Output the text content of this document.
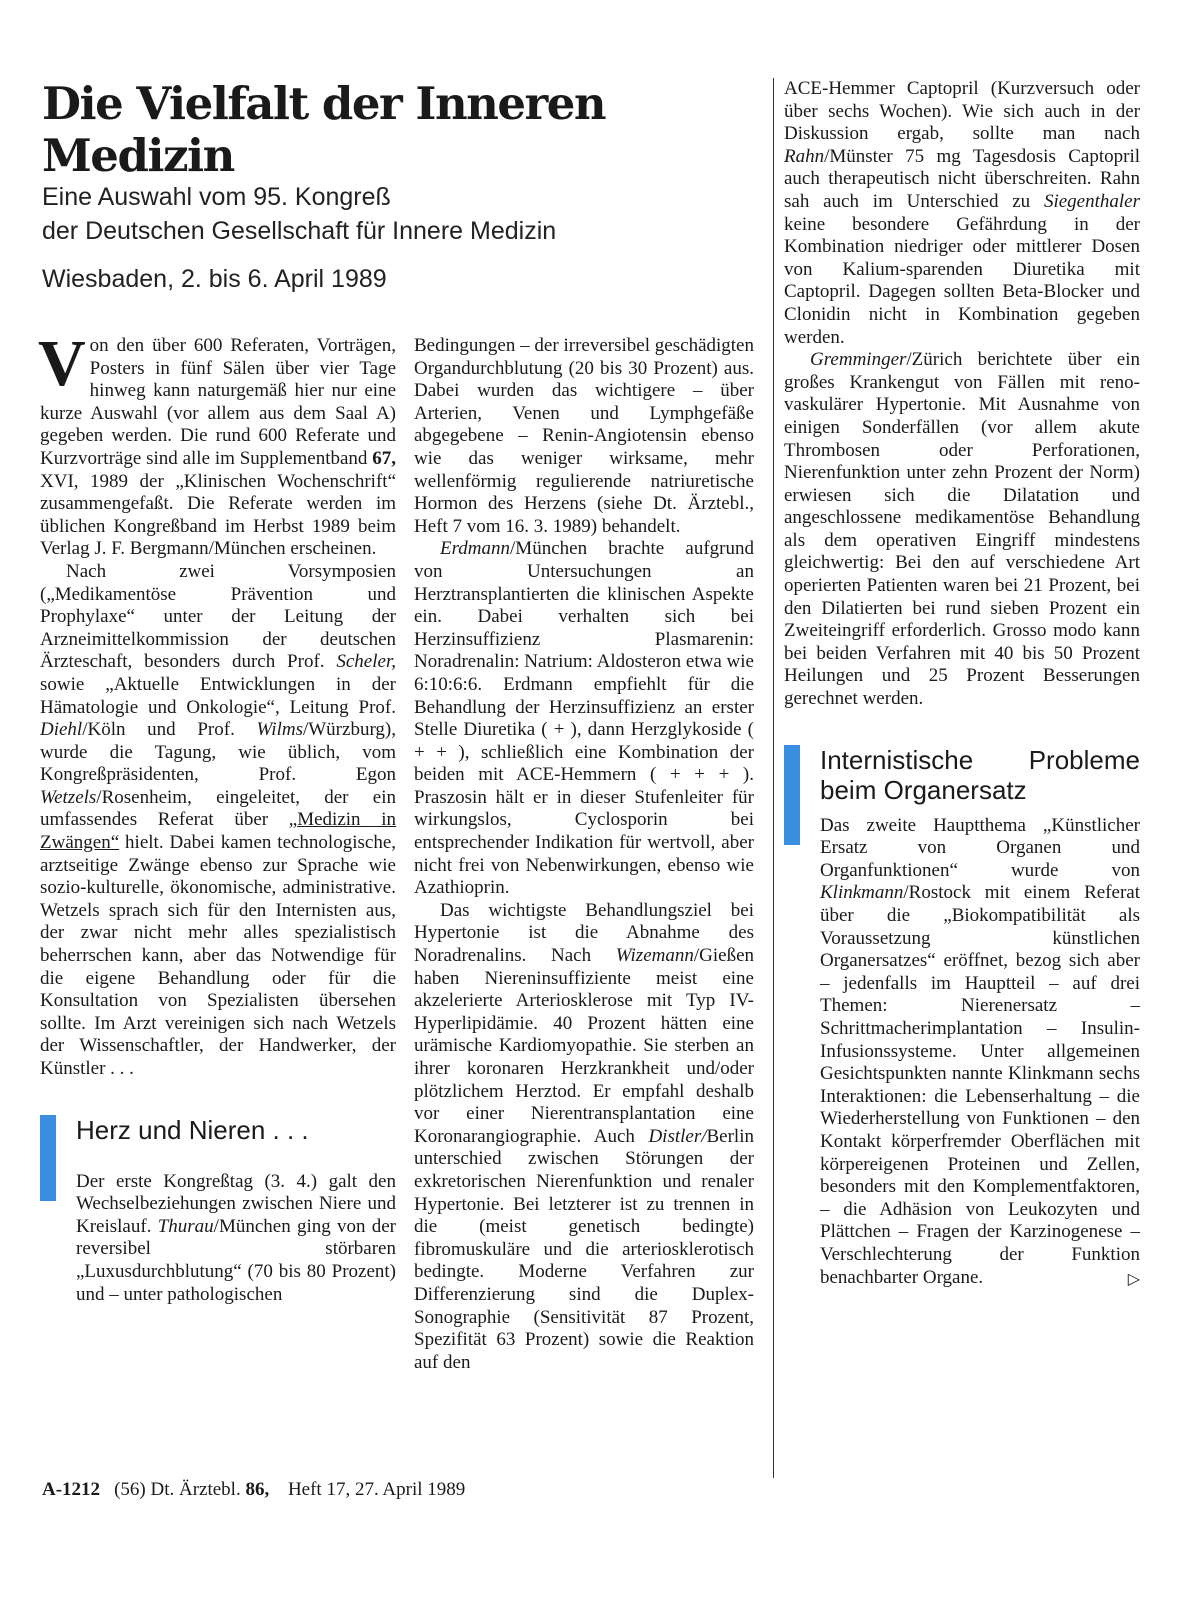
Die Vielfalt der Inneren Medizin
Eine Auswahl vom 95. Kongreß
der Deutschen Gesellschaft für Innere Medizin
Wiesbaden, 2. bis 6. April 1989

Von den über 600 Referaten, Vorträgen, Posters in fünf Sälen über vier Tage hinweg kann naturgemäß hier nur eine kurze Auswahl (vor allem aus dem Saal A) gegeben werden. Die rund 600 Referate und Kurzvorträge sind alle im Supplementband 67, XVI, 1989 der „Klinischen Wochenschrift“ zusammengefaßt. Die Referate werden im üblichen Kongreßband im Herbst 1989 beim Verlag J. F. Bergmann/München erscheinen.

Nach zwei Vorsymposien („Medikamentöse Prävention und Prophylaxe“ unter der Leitung der Arzneimittelkommission der deutschen Ärzteschaft, besonders durch Prof. Scheler, sowie „Aktuelle Entwicklungen in der Hämatologie und Onkologie“, Leitung Prof. Diehl/Köln und Prof. Wilms/Würzburg), wurde die Tagung, wie üblich, vom Kongreßpräsidenten, Prof. Egon Wetzels/Rosenheim, eingeleitet, der ein umfassendes Referat über „Medizin in Zwängen“ hielt. Dabei kamen technologische, arztseitige Zwänge ebenso zur Sprache wie sozio-kulturelle, ökonomische, administrative. Wetzels sprach sich für den Internisten aus, der zwar nicht mehr alles spezialistisch beherrschen kann, aber das Notwendige für die eigene Behandlung oder für die Konsultation von Spezialisten übersehen sollte. Im Arzt vereinigen sich nach Wetzels der Wissenschaftler, der Handwerker, der Künstler . . .

Herz und Nieren . . .

Der erste Kongreßtag (3. 4.) galt den Wechselbeziehungen zwischen Niere und Kreislauf. Thurau/München ging von der reversibel störbaren „Luxusdurchblutung“ (70 bis 80 Prozent) und – unter pathologischen

Bedingungen – der irreversibel geschädigten Organdurchblutung (20 bis 30 Prozent) aus. Dabei wurden das wichtigere – über Arterien, Venen und Lymphgefäße abgegebene – Renin-Angiotensin ebenso wie das weniger wirksame, mehr wellenförmig regulierende natriuretische Hormon des Herzens (siehe Dt. Ärztebl., Heft 7 vom 16. 3. 1989) behandelt.

Erdmann/München brachte aufgrund von Untersuchungen an Herztransplantierten die klinischen Aspekte ein. Dabei verhalten sich bei Herzinsuffizienz Plasmarenin: Noradrenalin: Natrium: Aldosteron etwa wie 6:10:6:6. Erdmann empfiehlt für die Behandlung der Herzinsuffizienz an erster Stelle Diuretika ( + ), dann Herzglykoside ( + + ), schließlich eine Kombination der beiden mit ACE-Hemmern ( + + + ). Praszosin hält er in dieser Stufenleiter für wirkungslos, Cyclosporin bei entsprechender Indikation für wertvoll, aber nicht frei von Nebenwirkungen, ebenso wie Azathioprin.

Das wichtigste Behandlungsziel bei Hypertonie ist die Abnahme des Noradrenalins. Nach Wizemann/Gießen haben Niereninsuffiziente meist eine akzelerierte Arteriosklerose mit Typ IV-Hyperlipidämie. 40 Prozent hätten eine urämische Kardiomyopathie. Sie sterben an ihrer koronaren Herzkrankheit und/oder plötzlichem Herztod. Er empfahl deshalb vor einer Nierentransplantation eine Koronarangiographie. Auch Distler/Berlin unterschied zwischen Störungen der exkretorischen Nierenfunktion und renaler Hypertonie. Bei letzterer ist zu trennen in die (meist genetisch bedingte) fibromuskuläre und die arteriosklerotisch bedingte. Moderne Verfahren zur Differenzierung sind die Duplex-Sonographie (Sensitivität 87 Prozent, Spezifität 63 Prozent) sowie die Reaktion auf den

ACE-Hemmer Captopril (Kurzversuch oder über sechs Wochen). Wie sich auch in der Diskussion ergab, sollte man nach Rahn/Münster 75 mg Tagesdosis Captopril auch therapeutisch nicht überschreiten. Rahn sah auch im Unterschied zu Siegenthaler keine besondere Gefährdung in der Kombination niedriger oder mittlerer Dosen von Kalium-sparenden Diuretika mit Captopril. Dagegen sollten Beta-Blocker und Clonidin nicht in Kombination gegeben werden.

Gremminger/Zürich berichtete über ein großes Krankengut von Fällen mit reno-vaskulärer Hypertonie. Mit Ausnahme von einigen Sonderfällen (vor allem akute Thrombosen oder Perforationen, Nierenfunktion unter zehn Prozent der Norm) erwiesen sich die Dilatation und angeschlossene medikamentöse Behandlung als dem operativen Eingriff mindestens gleichwertig: Bei den auf verschiedene Art operierten Patienten waren bei 21 Prozent, bei den Dilatierten bei rund sieben Prozent ein Zweiteingriff erforderlich. Grosso modo kann bei beiden Verfahren mit 40 bis 50 Prozent Heilungen und 25 Prozent Besserungen gerechnet werden.

Internistische Probleme beim Organersatz

Das zweite Hauptthema „Künstlicher Ersatz von Organen und Organfunktionen“ wurde von Klinkmann/Rostock mit einem Referat über die „Biokompatibilität als Voraussetzung künstlichen Organersatzes“ eröffnet, bezog sich aber – jedenfalls im Hauptteil – auf drei Themen: Nierenersatz – Schrittmacherimplantation – Insulin-Infusionssysteme. Unter allgemeinen Gesichtspunkten nannte Klinkmann sechs Interaktionen: die Lebenserhaltung – die Wiederherstellung von Funktionen – den Kontakt körperfremder Oberflächen mit körpereigenen Proteinen und Zellen, besonders mit den Komplementfaktoren, – die Adhäsion von Leukozyten und Plättchen – Fragen der Karzinogenese –Verschlechterung der Funktion benachbarter Organe.	▷

A-1212 (56) Dt. Ärztebl. 86, Heft 17, 27. April 1989
